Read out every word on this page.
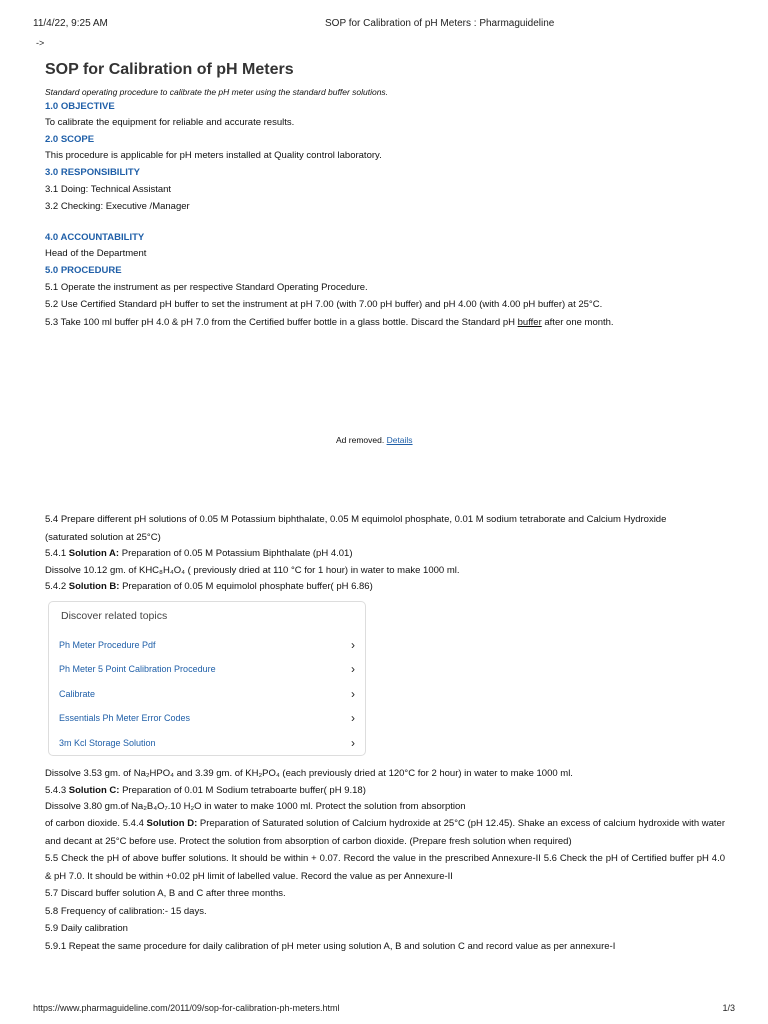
11/4/22, 9:25 AM	SOP for Calibration of pH Meters : Pharmaguideline
->
SOP for Calibration of pH Meters
Standard operating procedure to calibrate the pH meter using the standard buffer solutions.
1.0 OBJECTIVE
To calibrate the equipment for reliable and accurate results.
2.0 SCOPE
This procedure is applicable for pH meters installed at Quality control laboratory.
3.0 RESPONSIBILITY
3.1 Doing: Technical Assistant
3.2 Checking: Executive /Manager
4.0 ACCOUNTABILITY
Head of the Department
5.0 PROCEDURE
5.1 Operate the instrument as per respective Standard Operating Procedure.
5.2 Use Certified Standard pH buffer to set the instrument at pH 7.00 (with 7.00 pH buffer) and pH 4.00 (with 4.00 pH buffer) at 25°C.
5.3 Take 100 ml buffer pH 4.0 & pH 7.0 from the Certified buffer bottle in a glass bottle. Discard the Standard pH buffer after one month.
Ad removed. Details
5.4 Prepare different pH solutions of 0.05 M Potassium biphthalate, 0.05 M equimolol phosphate, 0.01 M sodium tetraborate and Calcium Hydroxide
(saturated solution at 25°C)
5.4.1 Solution A: Preparation of 0.05 M Potassium Biphthalate (pH 4.01)
Dissolve 10.12 gm. of KHC₈H₄O₄ ( previously dried at 110 °C for 1 hour) in water to make 1000 ml.
5.4.2 Solution B: Preparation of 0.05 M equimolol phosphate buffer( pH 6.86)
Discover related topics
Ph Meter Procedure Pdf	›
Ph Meter 5 Point Calibration Procedure	›
Calibrate	›
Essentials Ph Meter Error Codes	›
3m Kcl Storage Solution	›
Dissolve 3.53 gm. of Na₂HPO₄ and 3.39 gm. of KH₂PO₄ (each previously dried at 120°C for 2 hour) in water to make 1000 ml.
5.4.3 Solution C: Preparation of 0.01 M Sodium tetraboarte buffer( pH 9.18)
Dissolve 3.80 gm.of Na₂B₄O₇.10 H₂O in water to make 1000 ml. Protect the solution from absorption
of carbon dioxide. 5.4.4 Solution D: Preparation of Saturated solution of Calcium hydroxide at 25°C (pH 12.45). Shake an excess of calcium hydroxide with water and decant at 25°C before use. Protect the solution from absorption of carbon dioxide. (Prepare fresh solution when required)
5.5 Check the pH of above buffer solutions. It should be within + 0.07. Record the value in the prescribed Annexure-II 5.6 Check the pH of Certified buffer pH 4.0 & pH 7.0. It should be within +0.02 pH limit of labelled value. Record the value as per Annexure-II
5.7 Discard buffer solution A, B and C after three months.
5.8 Frequency of calibration:- 15 days.
5.9 Daily calibration
5.9.1 Repeat the same procedure for daily calibration of pH meter using solution A, B and solution C and record value as per annexure-I
https://www.pharmaguideline.com/2011/09/sop-for-calibration-ph-meters.html	1/3
